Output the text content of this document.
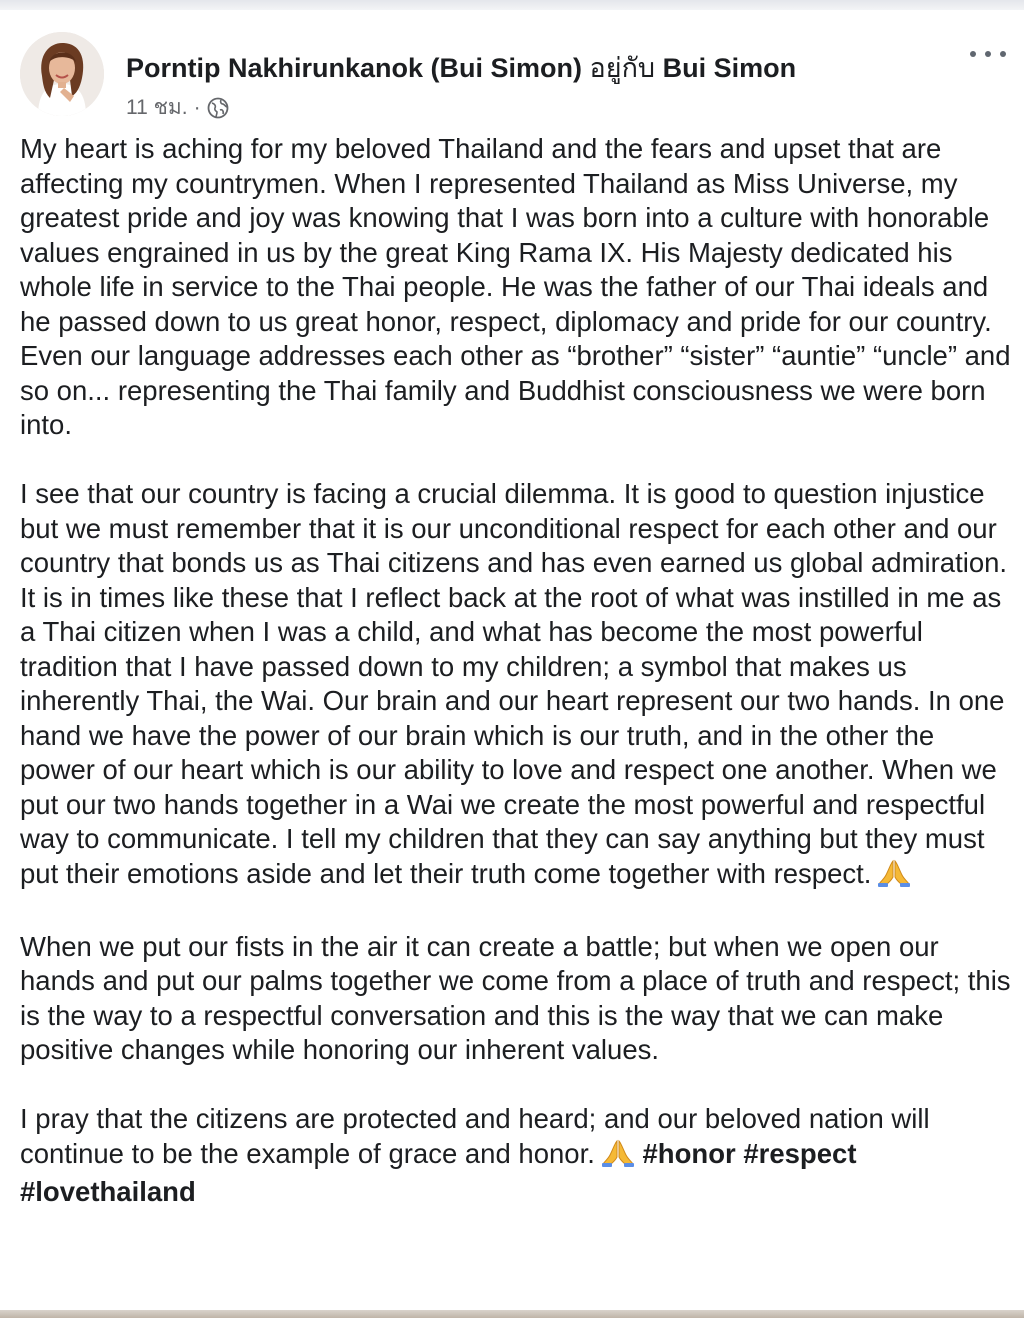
Porntip Nakhirunkanok (Bui Simon) อยู่กับ Bui Simon
11 ชม. ·

My heart is aching for my beloved Thailand and the fears and upset that are affecting my countrymen. When I represented Thailand as Miss Universe, my greatest pride and joy was knowing that I was born into a culture with honorable values engrained in us by the great King Rama IX. His Majesty dedicated his whole life in service to the Thai people. He was the father of our Thai ideals and he passed down to us great honor, respect, diplomacy and pride for our country. Even our language addresses each other as “brother” “sister” “auntie” “uncle” and so on... representing the Thai family and Buddhist consciousness we were born into.

I see that our country is facing a crucial dilemma. It is good to question injustice but we must remember that it is our unconditional respect for each other and our country that bonds us as Thai citizens and has even earned us global admiration. It is in times like these that I reflect back at the root of what was instilled in me as a Thai citizen when I was a child, and what has become the most powerful tradition that I have passed down to my children; a symbol that makes us inherently Thai, the Wai. Our brain and our heart represent our two hands. In one hand we have the power of our brain which is our truth, and in the other the power of our heart which is our ability to love and respect one another. When we put our two hands together in a Wai we create the most powerful and respectful way to communicate. I tell my children that they can say anything but they must put their emotions aside and let their truth come together with respect.

When we put our fists in the air it can create a battle; but when we open our hands and put our palms together we come from a place of truth and respect; this is the way to a respectful conversation and this is the way that we can make positive changes while honoring our inherent values.

I pray that the citizens are protected and heard; and our beloved nation will continue to be the example of grace and honor. #honor #respect #lovethailand
